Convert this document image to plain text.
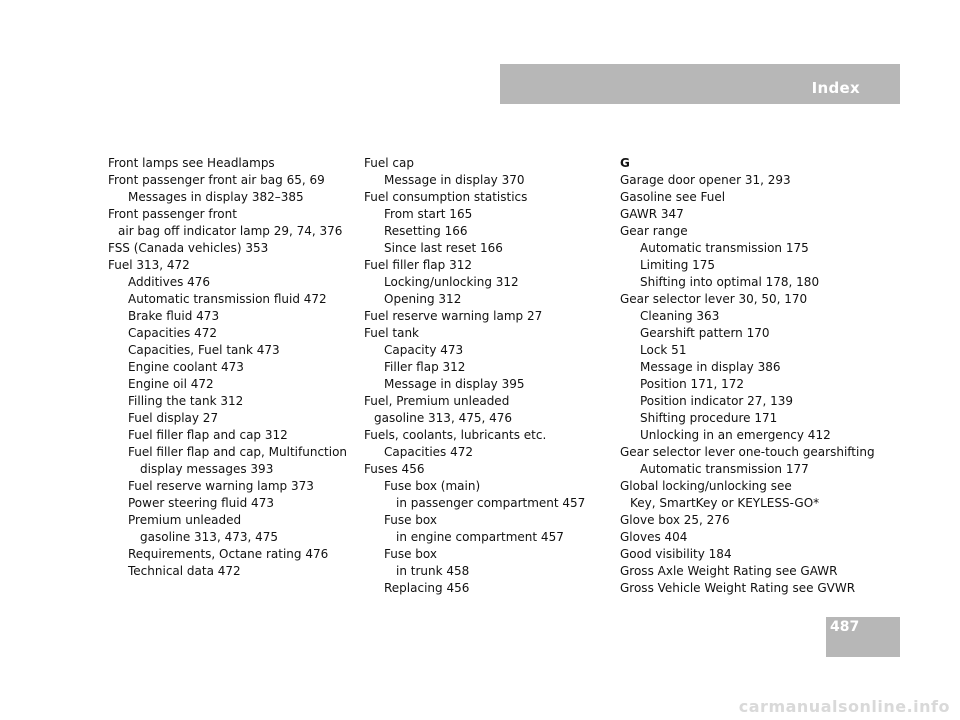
Index
Front lamps see Headlamps
Front passenger front air bag 65, 69
Messages in display 382–385
Front passenger front
air bag off indicator lamp 29, 74, 376
FSS (Canada vehicles) 353
Fuel 313, 472
Additives 476
Automatic transmission fluid 472
Brake fluid 473
Capacities 472
Capacities, Fuel tank 473
Engine coolant 473
Engine oil 472
Filling the tank 312
Fuel display 27
Fuel filler flap and cap 312
Fuel filler flap and cap, Multifunction
display messages 393
Fuel reserve warning lamp 373
Power steering fluid 473
Premium unleaded
gasoline 313, 473, 475
Requirements, Octane rating 476
Technical data 472
Fuel cap
Message in display 370
Fuel consumption statistics
From start 165
Resetting 166
Since last reset 166
Fuel filler flap 312
Locking/unlocking 312
Opening 312
Fuel reserve warning lamp 27
Fuel tank
Capacity 473
Filler flap 312
Message in display 395
Fuel, Premium unleaded
gasoline 313, 475, 476
Fuels, coolants, lubricants etc.
Capacities 472
Fuses 456
Fuse box (main)
in passenger compartment 457
Fuse box
in engine compartment 457
Fuse box
in trunk 458
Replacing 456
G
Garage door opener 31, 293
Gasoline see Fuel
GAWR 347
Gear range
Automatic transmission 175
Limiting 175
Shifting into optimal 178, 180
Gear selector lever 30, 50, 170
Cleaning 363
Gearshift pattern 170
Lock 51
Message in display 386
Position 171, 172
Position indicator 27, 139
Shifting procedure 171
Unlocking in an emergency 412
Gear selector lever one-touch gearshifting
Automatic transmission 177
Global locking/unlocking see
Key, SmartKey or KEYLESS-GO*
Glove box 25, 276
Gloves 404
Good visibility 184
Gross Axle Weight Rating see GAWR
Gross Vehicle Weight Rating see GVWR
487
carmanualsonline.info
